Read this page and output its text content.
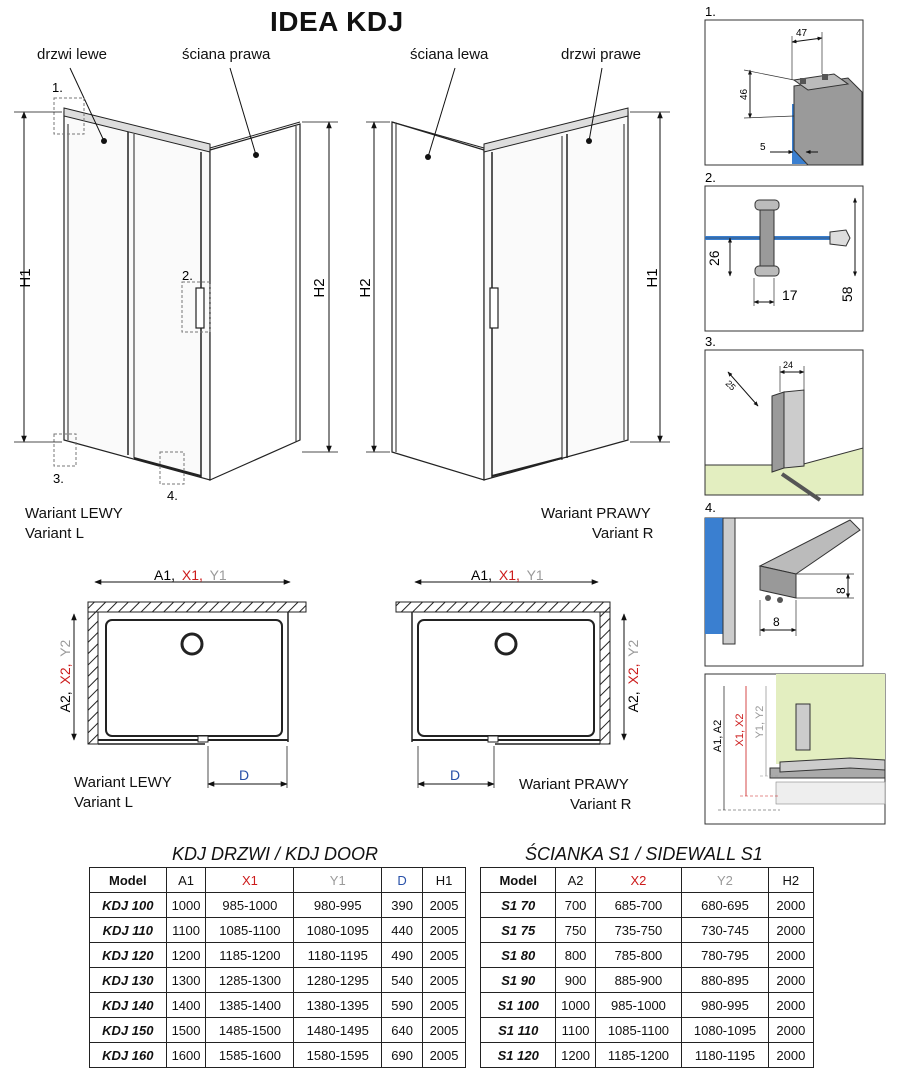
IDEA KDJ
H1
H2
1.
2.
3.
4.
H2
H1
drzwi lewe	ściana prawa	ściana lewa	drzwi prawe
Wariant LEWY
Variant L
Wariant PRAWY
Variant R
A1, X1, Y1
A2, X2, Y2
D
A1, X1, Y1
A2, X2, Y2
D
Wariant LEWY
Variant L
Wariant PRAWY
Variant R
1.
47
46
5
2.
26
17	58
3.
24
25
4.
8
8
A1, A2 X1, X2 Y1, Y2
KDJ DRZWI / KDJ DOOR
Model	A1	X1	Y1	D	H1
KDJ 100	1000	985-1000	980-995	390	2005
KDJ 110	1100	1085-1100	1080-1095	440	2005
KDJ 120	1200	1185-1200	1180-1195	490	2005
KDJ 130	1300	1285-1300	1280-1295	540	2005
KDJ 140	1400	1385-1400	1380-1395	590	2005
KDJ 150	1500	1485-1500	1480-1495	640	2005
KDJ 160	1600	1585-1600	1580-1595	690	2005
ŚCIANKA S1 / SIDEWALL S1
Model	A2	X2	Y2	H2
S1 70	700	685-700	680-695	2000
S1 75	750	735-750	730-745	2000
S1 80	800	785-800	780-795	2000
S1 90	900	885-900	880-895	2000
S1 100	1000	985-1000	980-995	2000
S1 110	1100	1085-1100	1080-1095	2000
S1 120	1200	1185-1200	1180-1195	2000
